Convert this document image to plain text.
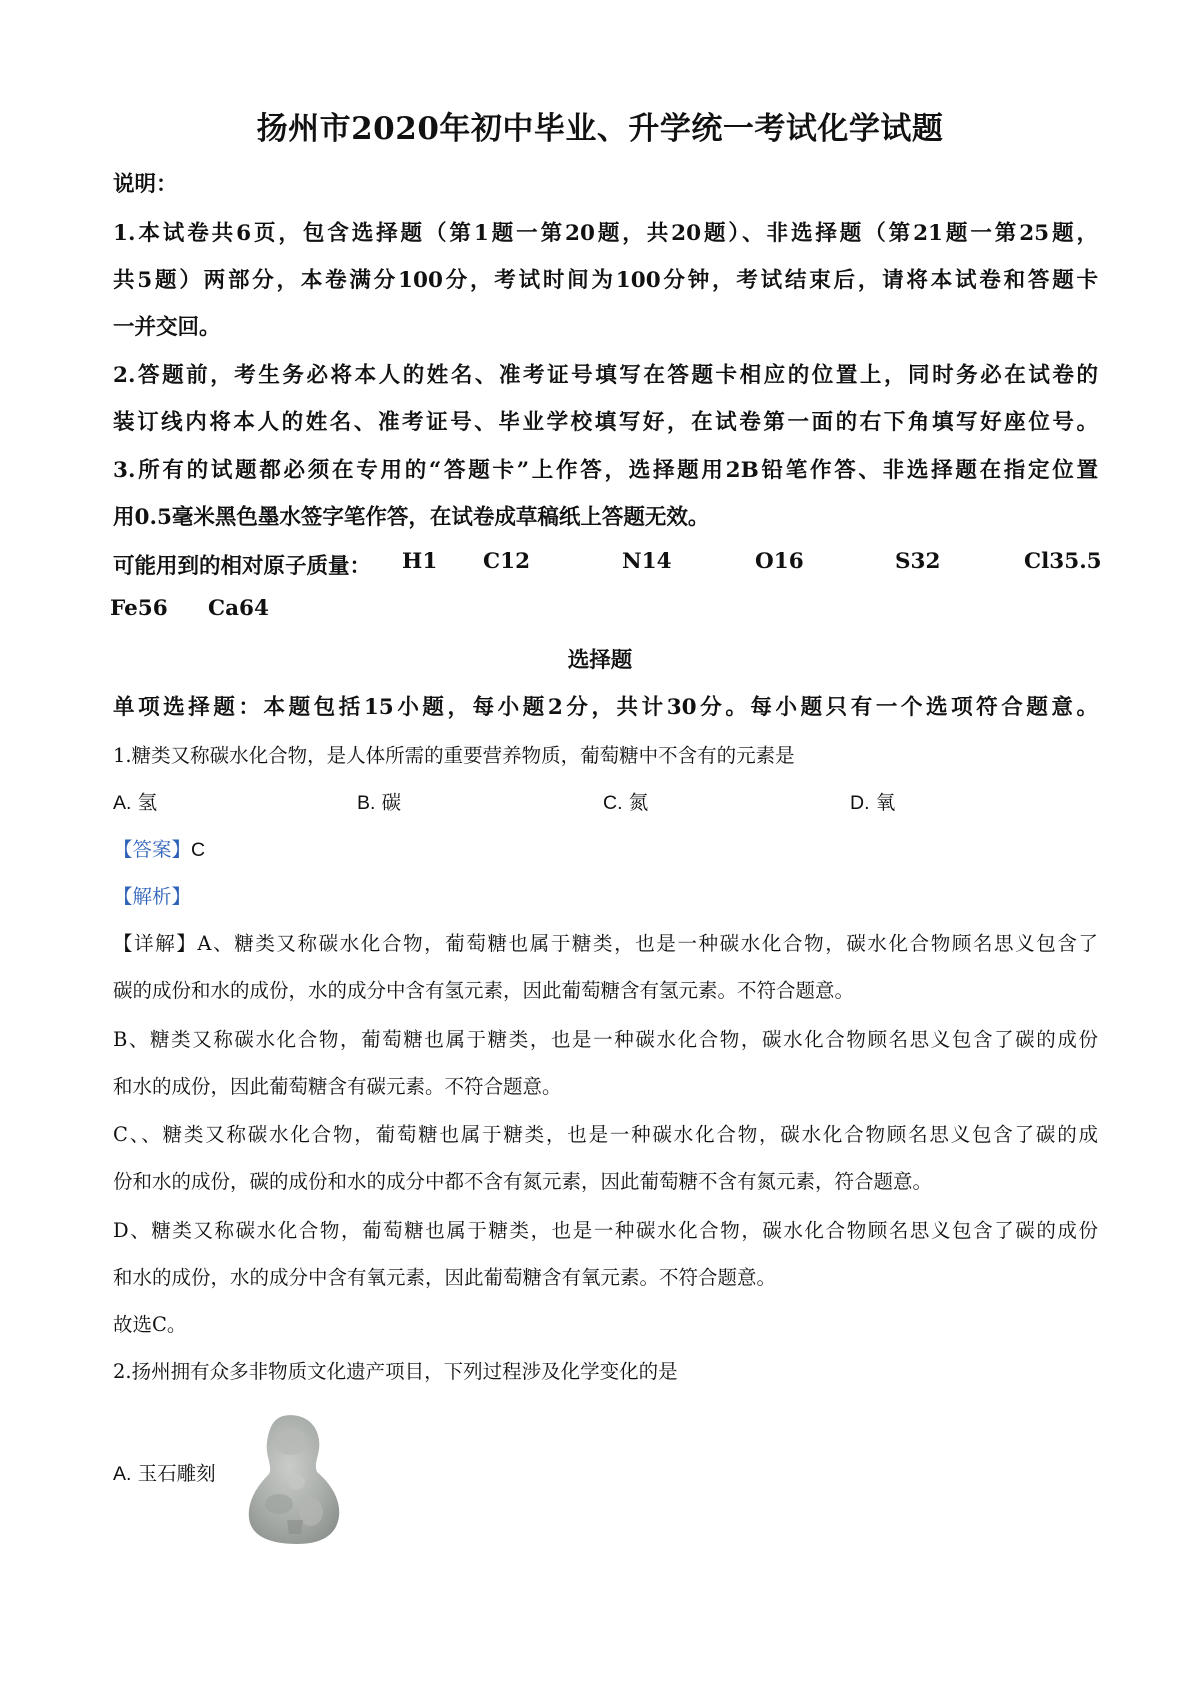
扬州市2020年初中毕业、升学统一考试化学试题
说明：
1.本试卷共6页，包含选择题（第1题一第20题，共20题）、非选择题（第21题一第25题，
共5题）两部分，本卷满分100分，考试时间为100分钟，考试结束后，请将本试卷和答题卡
一并交回。
2.答题前，考生务必将本人的姓名、准考证号填写在答题卡相应的位置上，同时务必在试卷的
装订线内将本人的姓名、准考证号、毕业学校填写好，在试卷第一面的右下角填写好座位号。
3.所有的试题都必须在专用的“答题卡”上作答，选择题用2B铅笔作答、非选择题在指定位置
用0.5毫米黑色墨水签字笔作答，在试卷成草稿纸上答题无效。
可能用到的相对原子质量： H1 C12	N14	O16	S32	Cl35.5
Fe56 Ca64
选择题
单项选择题：本题包括15小题，每小题2分，共计30分。每小题只有一个选项符合题意。
1.糖类又称碳水化合物，是人体所需的重要营养物质，葡萄糖中不含有的元素是
A. 氢	B. 碳	C. 氮	D. 氧
【答案】C
【解析】
【详解】A、糖类又称碳水化合物，葡萄糖也属于糖类，也是一种碳水化合物，碳水化合物顾名思义包含了
碳的成份和水的成份，水的成分中含有氢元素，因此葡萄糖含有氢元素。不符合题意。
B、糖类又称碳水化合物，葡萄糖也属于糖类，也是一种碳水化合物，碳水化合物顾名思义包含了碳的成份
和水的成份，因此葡萄糖含有碳元素。不符合题意。
C、、糖类又称碳水化合物，葡萄糖也属于糖类，也是一种碳水化合物，碳水化合物顾名思义包含了碳的成
份和水的成份，碳的成份和水的成分中都不含有氮元素，因此葡萄糖不含有氮元素，符合题意。
D、糖类又称碳水化合物，葡萄糖也属于糖类，也是一种碳水化合物，碳水化合物顾名思义包含了碳的成份
和水的成份，水的成分中含有氧元素，因此葡萄糖含有氧元素。不符合题意。
故选C。
2.扬州拥有众多非物质文化遗产项目，下列过程涉及化学变化的是
A. 玉石雕刻
